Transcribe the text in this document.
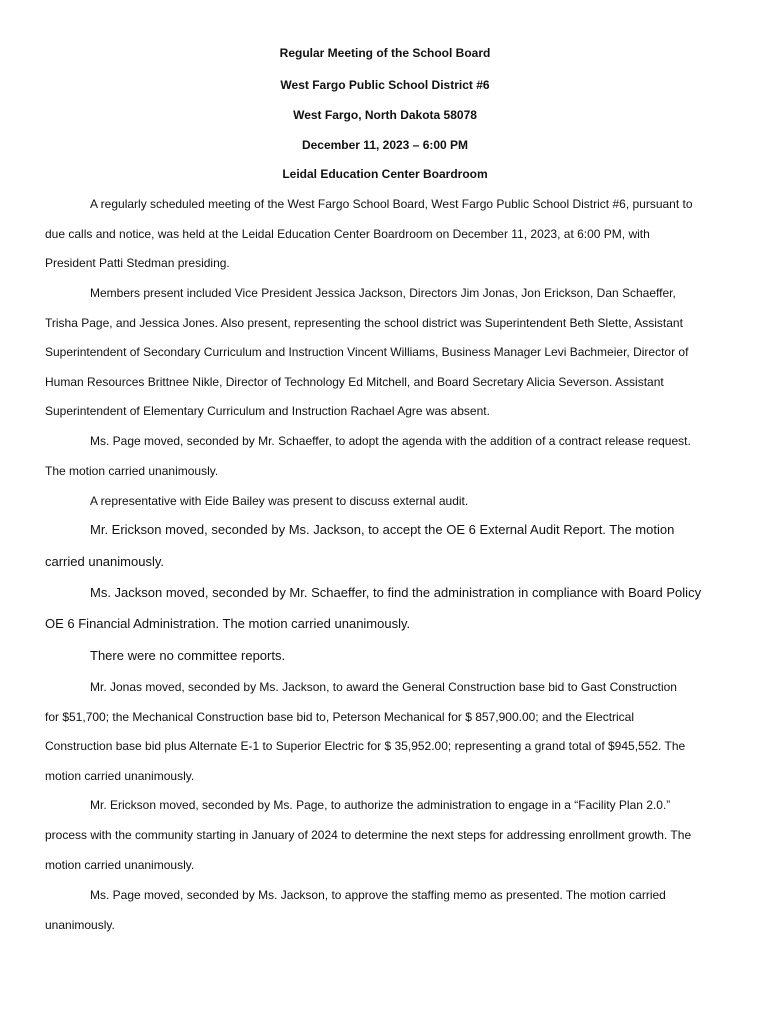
Regular Meeting of the School Board

West Fargo Public School District #6

West Fargo, North Dakota 58078

December 11, 2023 – 6:00 PM

Leidal Education Center Boardroom

A regularly scheduled meeting of the West Fargo School Board, West Fargo Public School District #6, pursuant to

due calls and notice, was held at the Leidal Education Center Boardroom on December 11, 2023, at 6:00 PM, with

President Patti Stedman presiding.

Members present included Vice President Jessica Jackson, Directors Jim Jonas, Jon Erickson, Dan Schaeffer,

Trisha Page, and Jessica Jones. Also present, representing the school district was Superintendent Beth Slette, Assistant

Superintendent of Secondary Curriculum and Instruction Vincent Williams, Business Manager Levi Bachmeier, Director of

Human Resources Brittnee Nikle, Director of Technology Ed Mitchell, and Board Secretary Alicia Severson. Assistant

Superintendent of Elementary Curriculum and Instruction Rachael Agre was absent.

Ms. Page moved, seconded by Mr. Schaeffer, to adopt the agenda with the addition of a contract release request.

The motion carried unanimously.

A representative with Eide Bailey was present to discuss external audit.

Mr. Erickson moved, seconded by Ms. Jackson, to accept the OE 6 External Audit Report. The motion

carried unanimously.

Ms. Jackson moved, seconded by Mr. Schaeffer, to find the administration in compliance with Board Policy

OE 6 Financial Administration. The motion carried unanimously.

There were no committee reports.

Mr. Jonas moved, seconded by Ms. Jackson, to award the General Construction base bid to Gast Construction

for $51,700; the Mechanical Construction base bid to, Peterson Mechanical for $ 857,900.00; and the Electrical

Construction base bid plus Alternate E-1 to Superior Electric for $ 35,952.00; representing a grand total of $945,552. The

motion carried unanimously.

Mr. Erickson moved, seconded by Ms. Page, to authorize the administration to engage in a “Facility Plan 2.0.”

process with the community starting in January of 2024 to determine the next steps for addressing enrollment growth. The

motion carried unanimously.

Ms. Page moved, seconded by Ms. Jackson, to approve the staffing memo as presented. The motion carried

unanimously.
